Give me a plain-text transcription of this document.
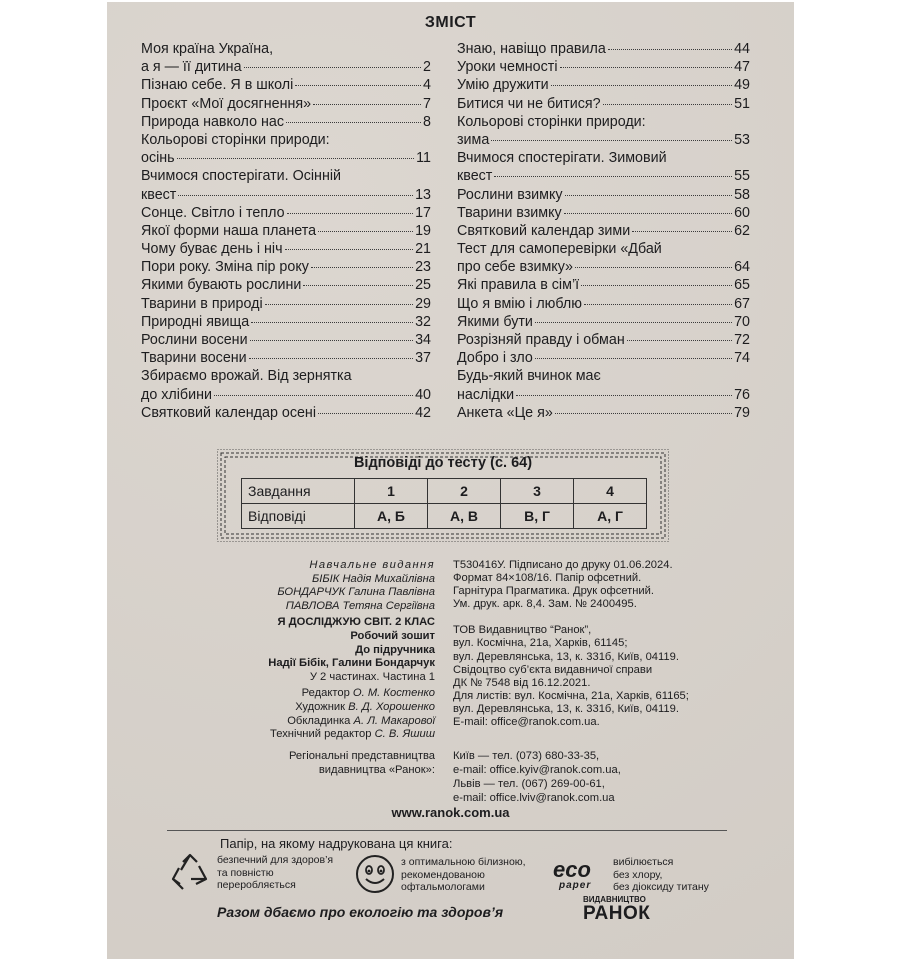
ЗМІСТ
Моя країна Україна,
а я — її дитина	2
Пізнаю себе. Я в школі	4
Проєкт «Мої досягнення»	7
Природа навколо нас	8
Кольорові сторінки природи:
осінь	11
Вчимося спостерігати. Осінній
квест	13
Сонце. Світло і тепло	17
Якої форми наша планета	19
Чому буває день і ніч	21
Пори року. Зміна пір року	23
Якими бувають рослини	25
Тварини в природі	29
Природні явища	32
Рослини восени	34
Тварини восени	37
Збираємо врожай. Від зернятка
до хлібини	40
Святковий календар осені	42
Знаю, навіщо правила	44
Уроки чемності	47
Умію дружити	49
Битися чи не битися?	51
Кольорові сторінки природи:
зима	53
Вчимося спостерігати. Зимовий
квест	55
Рослини взимку	58
Тварини взимку	60
Святковий календар зими	62
Тест для самоперевірки «Дбай
про себе взимку»	64
Які правила в сім’ї	65
Що я вмію і люблю	67
Якими бути	70
Розрізняй правду і обман	72
Добро і зло	74
Будь-який вчинок має
наслідки	76
Анкета «Це я»	79
Відповіді до тесту (с. 64)
Завдання	1	2	3	4
Відповіді	А, Б	А, В	В, Г	А, Г
Навчальне видання
БІБІК Надія Михайлівна
БОНДАРЧУК Галина Павлівна
ПАВЛОВА Тетяна Сергіївна
Я ДОСЛІДЖУЮ СВІТ. 2 КЛАС
Робочий зошит
До підручника
Надії Бібік, Галини Бондарчук
У 2 частинах. Частина 1
Редактор О. М. Костенко
Художник В. Д. Хорошенко
Обкладинка А. Л. Макарової
Технічний редактор С. В. Яшиш
Т530416У. Підписано до друку 01.06.2024.
Формат 84×108/16. Папір офсетний.
Гарнітура Прагматика. Друк офсетний.
Ум. друк. арк. 8,4. Зам. № 2400495.
ТОВ Видавництво “Ранок”,
вул. Космічна, 21а, Харків, 61145;
вул. Деревлянська, 13, к. 331б, Київ, 04119.
Свідоцтво суб’єкта видавничої справи
ДК № 7548 від 16.12.2021.
Для листів: вул. Космічна, 21а, Харків, 61165;
вул. Деревлянська, 13, к. 331б, Київ, 04119.
E-mail: office@ranok.com.ua.
Регіональні представництва
видавництва «Ранок»:
Київ — тел. (073) 680-33-35,
e-mail: office.kyiv@ranok.com.ua,
Львів — тел. (067) 269-00-61,
e-mail: office.lviv@ranok.com.ua
www.ranok.com.ua
Папір, на якому надрукована ця книга:
безпечний для здоров’я
та повністю
переробляється
з оптимальною білизною,
рекомендованою
офтальмологами
eco
paper
вибілюється
без хлору,
без діоксиду титану
Разом дбаємо про екологію та здоров’я
ВИДАВНИЦТВО
РАНОК
